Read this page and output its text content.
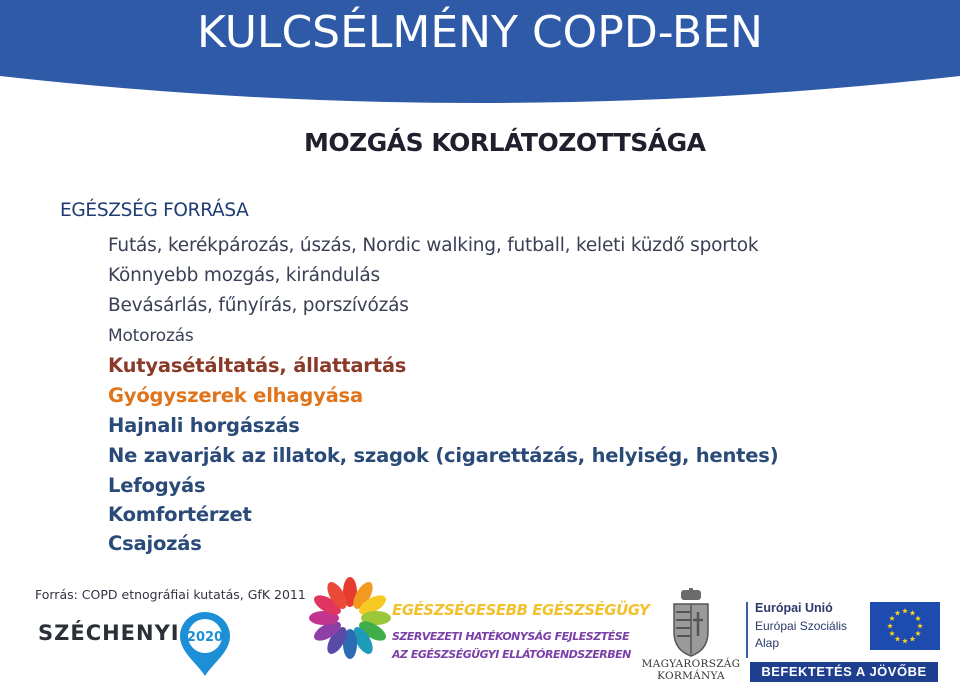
KULCSÉLMÉNY COPD-BEN
MOZGÁS KORLÁTOZOTTSÁGA
EGÉSZSÉG FORRÁSA
Futás, kerékpározás, úszás, Nordic walking, futball, keleti küzdő sportok
Könnyebb mozgás, kirándulás
Bevásárlás, fűnyírás, porszívózás
Motorozás
Kutyasétáltatás, állattartás
Gyógyszerek elhagyása
Hajnali horgászás
Ne zavarják az illatok, szagok (cigarettázás, helyiség, hentes)
Lefogyás
Komfortérzet
Csajozás
Forrás: COPD etnográfiai kutatás, GfK 2011
SZÉCHENYI 2020
EGÉSZSÉGESEBB EGÉSZSÉGÜGY
SZERVEZETI HATÉKONYSÁG FEJLESZTÉSE
AZ EGÉSZSÉGÜGYI ELLÁTÓRENDSZERBEN
MAGYARORSZÁG
KORMÁNYA
Európai Unió
Európai Szociális
Alap
BEFEKTETÉS A JÖVŐBE
